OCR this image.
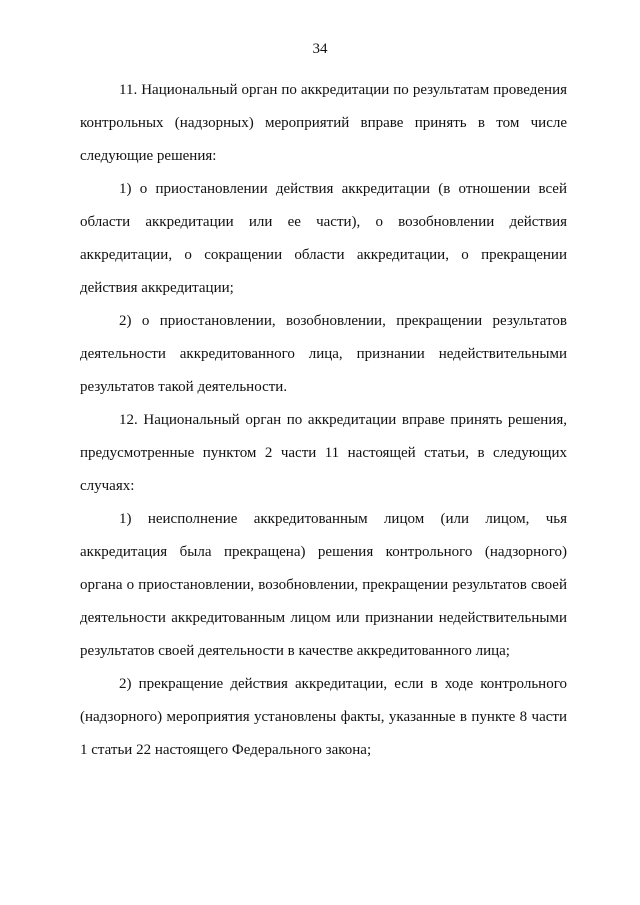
34

11. Национальный орган по аккредитации по результатам проведения контрольных (надзорных) мероприятий вправе принять в том числе следующие решения:

1) о приостановлении действия аккредитации (в отношении всей области аккредитации или ее части), о возобновлении действия аккредитации, о сокращении области аккредитации, о прекращении действия аккредитации;

2) о приостановлении, возобновлении, прекращении результатов деятельности аккредитованного лица, признании недействительными результатов такой деятельности.

12. Национальный орган по аккредитации вправе принять решения, предусмотренные пунктом 2 части 11 настоящей статьи, в следующих случаях:

1) неисполнение аккредитованным лицом (или лицом, чья аккредитация была прекращена) решения контрольного (надзорного) органа о приостановлении, возобновлении, прекращении результатов своей деятельности аккредитованным лицом или признании недействительными результатов своей деятельности в качестве аккредитованного лица;

2) прекращение действия аккредитации, если в ходе контрольного (надзорного) мероприятия установлены факты, указанные в пункте 8 части 1 статьи 22 настоящего Федерального закона;
